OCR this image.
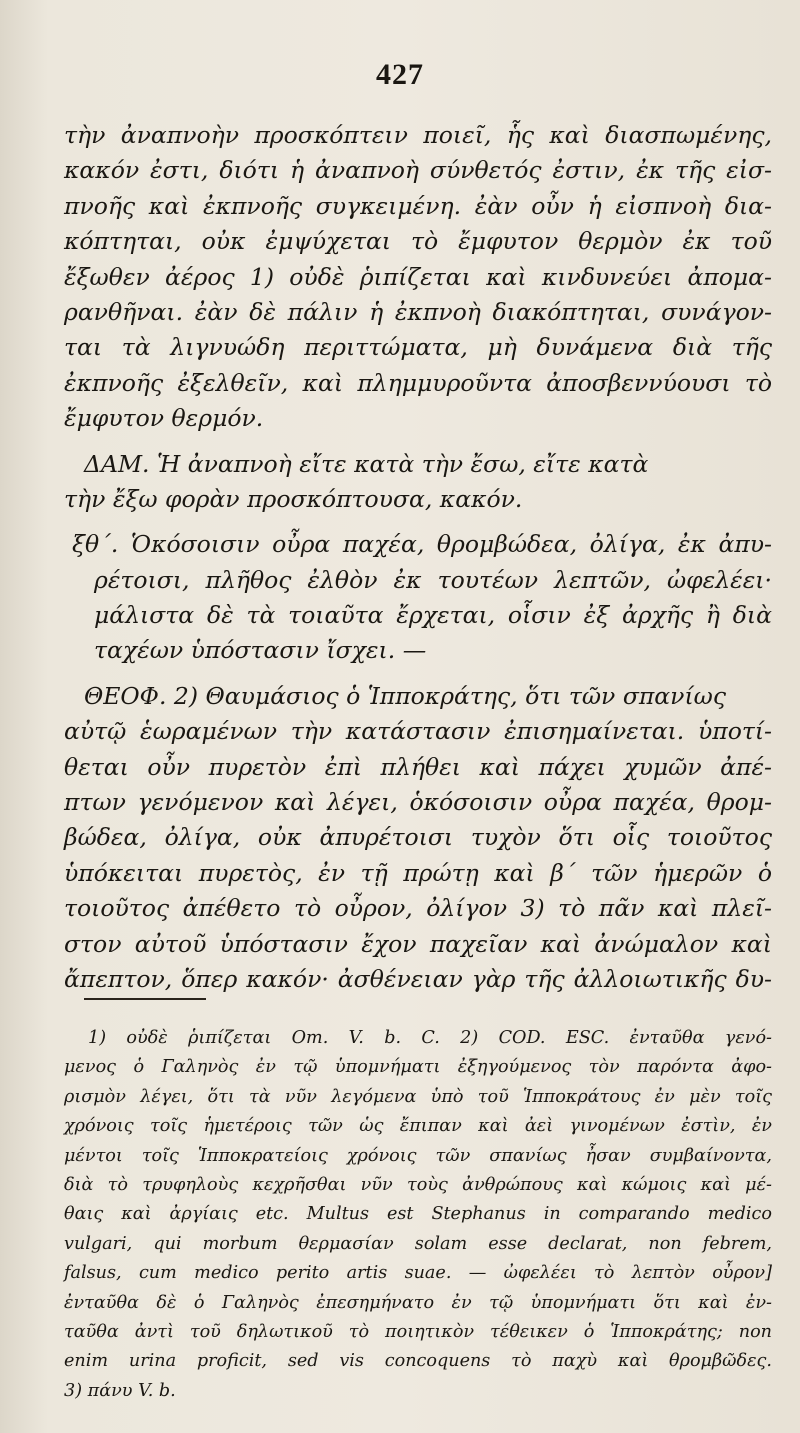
427
τὴν ἀναπνοὴν προσκόπτειν ποιεῖ, ἧς καὶ διασπωμένης,
κακόν ἐστι, διότι ἡ ἀναπνοὴ σύνθετός ἐστιν, ἐκ τῆς εἰσ-
πνοῆς καὶ ἐκπνοῆς συγκειμένη. ἐὰν οὖν ἡ εἰσπνοὴ δια-
κόπτηται, οὐκ ἐμψύχεται τὸ ἔμφυτον θερμὸν ἐκ τοῦ
ἔξωθεν ἀέρος 1) οὐδὲ ῥιπίζεται καὶ κινδυνεύει ἀπομα-
ρανθῆναι. ἐὰν δὲ πάλιν ἡ ἐκπνοὴ διακόπτηται, συνάγον-
ται τὰ λιγνυώδη περιττώματα, μὴ δυνάμενα διὰ τῆς
ἐκπνοῆς ἐξελθεῖν, καὶ πλημμυροῦντα ἀποσβεννύουσι τὸ
ἔμφυτον θερμόν.
ΔΑΜ. Ἡ ἀναπνοὴ εἴτε κατὰ τὴν ἔσω, εἴτε κατὰ
τὴν ἔξω φορὰν προσκόπτουσα, κακόν.
ξθ΄. Ὁκόσοισιν οὖρα παχέα, θρομβώδεα, ὀλίγα, ἐκ ἀπυ-
ρέτοισι, πλῆθος ἐλθὸν ἐκ τουτέων λεπτῶν, ὠφελέει·
μάλιστα δὲ τὰ τοιαῦτα ἔρχεται, οἷσιν ἐξ ἀρχῆς ἢ διὰ
ταχέων ὑπόστασιν ἴσχει. —
ΘΕΟΦ. 2) Θαυμάσιος ὁ Ἱπποκράτης, ὅτι τῶν σπανίως
αὐτῷ ἑωραμένων τὴν κατάστασιν ἐπισημαίνεται. ὑποτί-
θεται οὖν πυρετὸν ἐπὶ πλήθει καὶ πάχει χυμῶν ἀπέ-
πτων γενόμενον καὶ λέγει, ὁκόσοισιν οὖρα παχέα, θρομ-
βώδεα, ὀλίγα, οὐκ ἀπυρέτοισι τυχὸν ὅτι οἷς τοιοῦτος
ὑπόκειται πυρετὸς, ἐν τῇ πρώτῃ καὶ β΄ τῶν ἡμερῶν ὁ
τοιοῦτος ἀπέθετο τὸ οὖρον, ὀλίγον 3) τὸ πᾶν καὶ πλεῖ-
στον αὐτοῦ ὑπόστασιν ἔχον παχεῖαν καὶ ἀνώμαλον καὶ
ἄπεπτον, ὅπερ κακόν· ἀσθένειαν γὰρ τῆς ἀλλοιωτικῆς δυ-
1) οὐδὲ ῥιπίζεται Om. V. b. C. 2) COD. ESC. ἐνταῦθα γενό-
μενος ὁ Γαληνὸς ἐν τῷ ὑπομνήματι ἐξηγούμενος τὸν παρόντα ἀφο-
ρισμὸν λέγει, ὅτι τὰ νῦν λεγόμενα ὑπὸ τοῦ Ἱπποκράτους ἐν μὲν τοῖς
χρόνοις τοῖς ἡμετέροις τῶν ὡς ἔπιπαν καὶ ἀεὶ γινομένων ἐστὶν, ἐν
μέντοι τοῖς Ἱπποκρατείοις χρόνοις τῶν σπανίως ἦσαν συμβαίνοντα,
διὰ τὸ τρυφηλοὺς κεχρῆσθαι νῦν τοὺς ἀνθρώπους καὶ κώμοις καὶ μέ-
θαις καὶ ἀργίαις etc. Multus est Stephanus in comparando medico
vulgari, qui morbum θερμασίαν solam esse declarat, non febrem,
falsus, cum medico perito artis suae. — ὠφελέει τὸ λεπτὸν οὖρον]
ἐνταῦθα δὲ ὁ Γαληνὸς ἐπεσημήνατο ἐν τῷ ὑπομνήματι ὅτι καὶ ἐν-
ταῦθα ἀντὶ τοῦ δηλωτικοῦ τὸ ποιητικὸν τέθεικεν ὁ Ἱπποκράτης; non
enim urina proficit, sed vis concoquens τὸ παχὺ καὶ θρομβῶδες.
3) πάνυ V. b.
